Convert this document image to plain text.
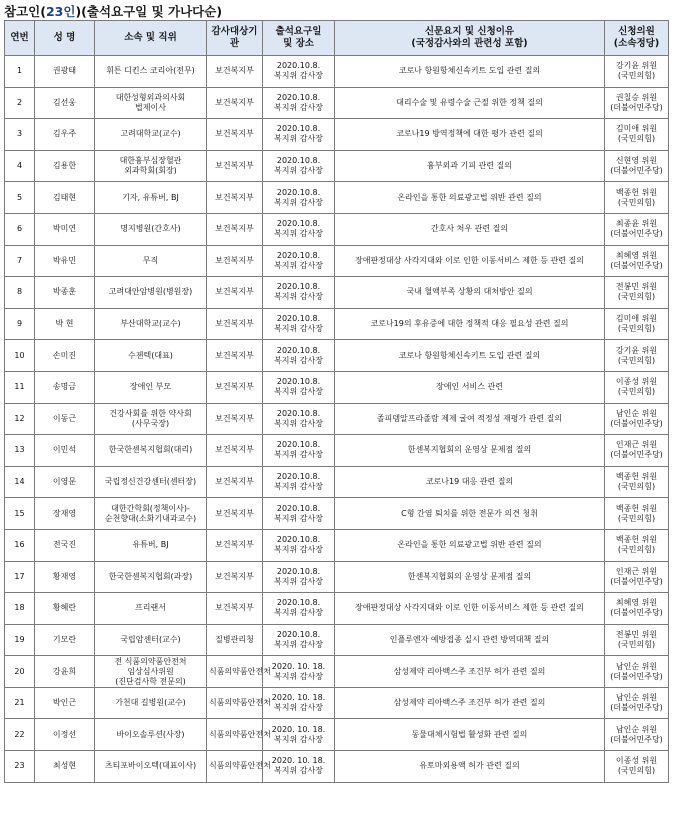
참고인(23인)(출석요구일 및 가나다순)
연번	성 명	소속 및 직위	감사대상기관	출석요구일
및 장소	신문요지 및 신청이유
(국정감사와의 관련성 포함)	신청의원
(소속정당)

1	권광태	휘튼 디킨스 코리아(전무)	보건복지부	2020.10.8.
복지위 감사장	코로나 항원항체신속키트 도입 관련 질의	강기윤 위원
(국민의힘)

2	김선웅	대한성형외과의사회
법제이사	보건복지부	2020.10.8.
복지위 감사장	대리수술 및 유령수술 근절 위한 정책 질의	권칠승 위원
(더불어민주당)

3	김우주	고려대학교(교수)	보건복지부	2020.10.8.
복지위 감사장	코로나19 방역정책에 대한 평가 관련 질의	김미애 위원
(국민의힘)

4	김용한	대한흉부심장혈관
외과학회(회장)	보건복지부	2020.10.8.
복지위 감사장	흉부외과 기피 관련 질의	신현영 위원
(더불어민주당)

5	김태현	기자, 유튜버, BJ	보건복지부	2020.10.8.
복지위 감사장	온라인을 통한 의료광고법 위반 관련 질의	백종헌 위원
(국민의힘)

6	박미연	명지병원(간호사)	보건복지부	2020.10.8.
복지위 감사장	간호사 처우 관련 질의	최종윤 위원
(더불어민주당)

7	박유민	무직	보건복지부	2020.10.8.
복지위 감사장	장애판정대상 사각지대와 이로 인한 이동서비스 제한 등 관련 질의	최혜영 위원
(더불어민주당)

8	박종훈	고려대안암병원(병원장)	보건복지부	2020.10.8.
복지위 감사장	국내 혈액부족 상황의 대처방안 질의	전봉민 위원
(국민의힘)

9	박 현	부산대학교(교수)	보건복지부	2020.10.8.
복지위 감사장	코로나19의 후유증에 대한 정책적 대응 필요성 관련 질의	김미애 위원
(국민의힘)

10	손미진	수젠텍(대표)	보건복지부	2020.10.8.
복지위 감사장	코로나 항원항체신속키트 도입 관련 질의	강기윤 위원
(국민의힘)

11	송명금	장애인 부모	보건복지부	2020.10.8.
복지위 감사장	장애인 서비스 관련	이종성 위원
(국민의힘)

12	이동근	건강사회를 위한 약사회
(사무국장)	보건복지부	2020.10.8.
복지위 감사장	졸피뎀알프라졸람 제제 굴여 적정성 재평가 관련 질의	남인순 위원
(더불어민주당)

13	이민석	한국한센복지협회(대리)	보건복지부	2020.10.8.
복지위 감사장	한센복지협회의 운영상 문제점 질의	인재근 위원
(더불어민주당)

14	이영문	국립정신건강센터(센터장)	보건복지부	2020.10.8.
복지위 감사장	코로나19 대응 관련 질의	백종헌 위원
(국민의힘)

15	장재영	대한간학회(정책이사)-
순천향대(소화기내과교수)	보건복지부	2020.10.8.
복지위 감사장	C형 간염 퇴치를 위한 전문가 의견 청취	백종헌 위원
(국민의힘)

16	전국진	유튜버, BJ	보건복지부	2020.10.8.
복지위 감사장	온라인을 통한 의료광고법 위반 관련 질의	백종헌 위원
(국민의힘)

17	황재영	한국한센복지협회(과장)	보건복지부	2020.10.8.
복지위 감사장	한센복지협회의 운영상 문제점 질의	인재근 위원
(더불어민주당)

18	황혜란	프리랜서	보건복지부	2020.10.8.
복지위 감사장	장애판정대상 사각지대와 이로 인한 이동서비스 제한 등 관련 질의	최혜영 위원
(더불어민주당)

19	기모란	국립암센터(교수)	질병관리청	2020.10.8.
복지위 감사장	인플루엔자 예방접종 실시 관련 방역대책 질의	전봉민 위원
(국민의힘)

20	강윤희	전 식품의약품안전처
임상심사위원
(진단검사학 전문의)	식품의약품안전처	2020. 10. 18.
복지위 감사장	삼성제약 리아백스주 조건부 허가 관련 질의	남인순 위원
(더불어민주당)

21	박인근	가천대 길병원(교수)	식품의약품안전처	2020. 10. 18.
복지위 감사장	삼성제약 리아백스주 조건부 허가 관련 질의	남인순 위원
(더불어민주당)

22	이정선	바이오솔루션(사장)	식품의약품안전처	2020. 10. 18.
복지위 감사장	동물대체시험법 활성화 관련 질의	남인순 위원
(더불어민주당)

23	최성현	츠티포바이오텍(대표이사)	식품의약품안전처	2020. 10. 18.
복지위 감사장	유토마외용액 허가 관련 질의	이종성 위원
(국민의힘)
